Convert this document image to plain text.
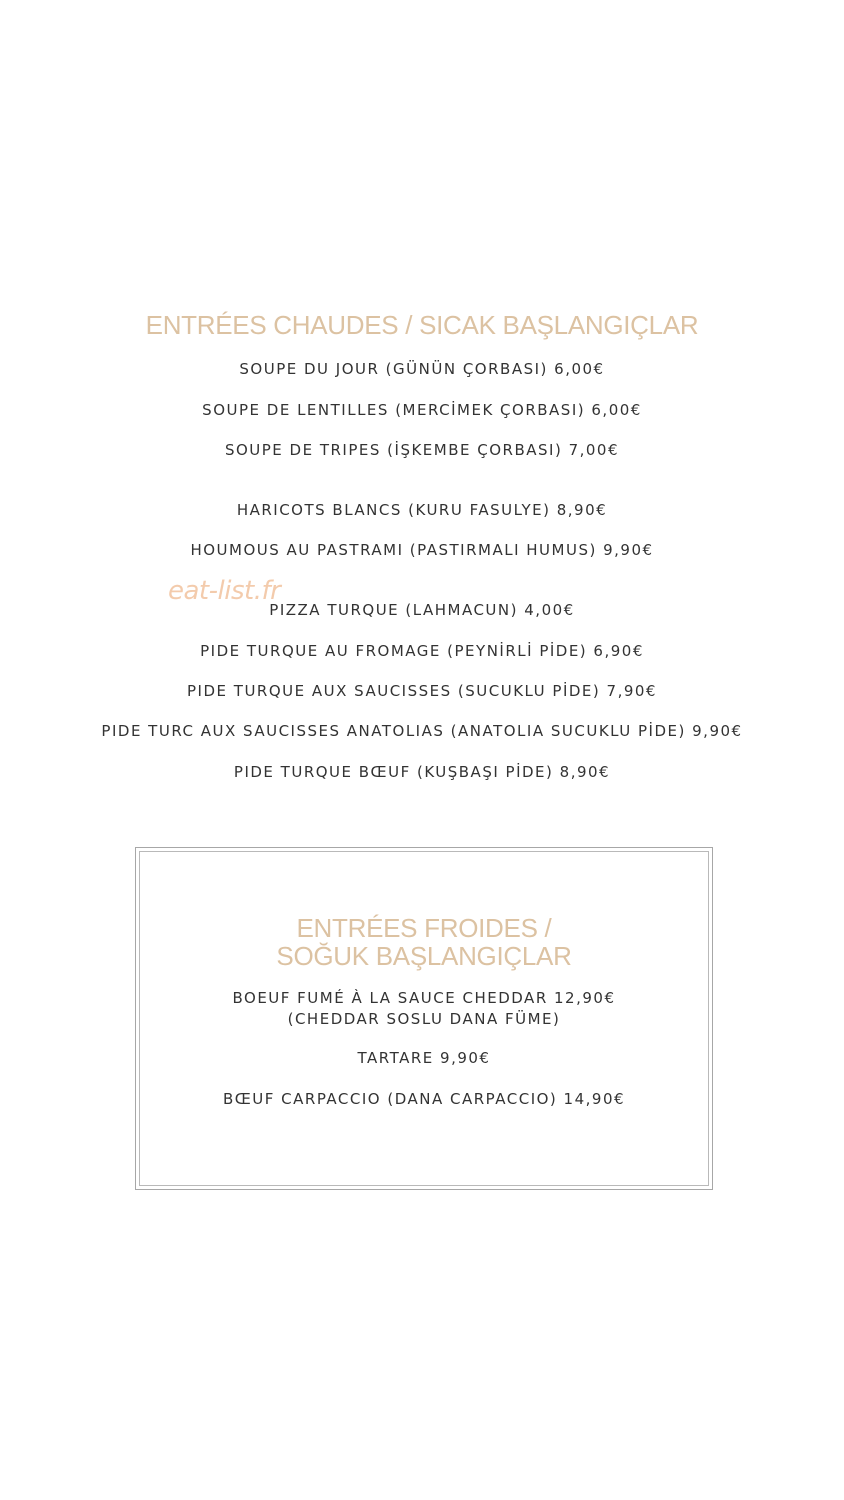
ENTRÉES CHAUDES / SICAK BAŞLANGIÇLAR
SOUPE DU JOUR (GÜNÜN ÇORBASI) 6,00€
SOUPE DE LENTILLES (MERCİMEK ÇORBASI) 6,00€
SOUPE DE TRIPES (İŞKEMBE ÇORBASI) 7,00€
HARICOTS BLANCS (KURU FASULYE) 8,90€
HOUMOUS AU PASTRAMI (PASTIRMALI HUMUS) 9,90€
PIZZA TURQUE (LAHMACUN) 4,00€
PIDE TURQUE AU FROMAGE (PEYNİRLİ PİDE) 6,90€
PIDE TURQUE AUX SAUCISSES (SUCUKLU PİDE) 7,90€
PIDE TURC AUX SAUCISSES ANATOLIAS (ANATOLIA SUCUKLU PİDE) 9,90€
PIDE TURQUE BŒUF (KUŞBAŞI PİDE) 8,90€
eat-list.fr
ENTRÉES FROIDES /
SOĞUK BAŞLANGIÇLAR
BOEUF FUMÉ À LA SAUCE CHEDDAR 12,90€
(CHEDDAR SOSLU DANA FÜME)
TARTARE 9,90€
BŒUF CARPACCIO (DANA CARPACCIO) 14,90€
